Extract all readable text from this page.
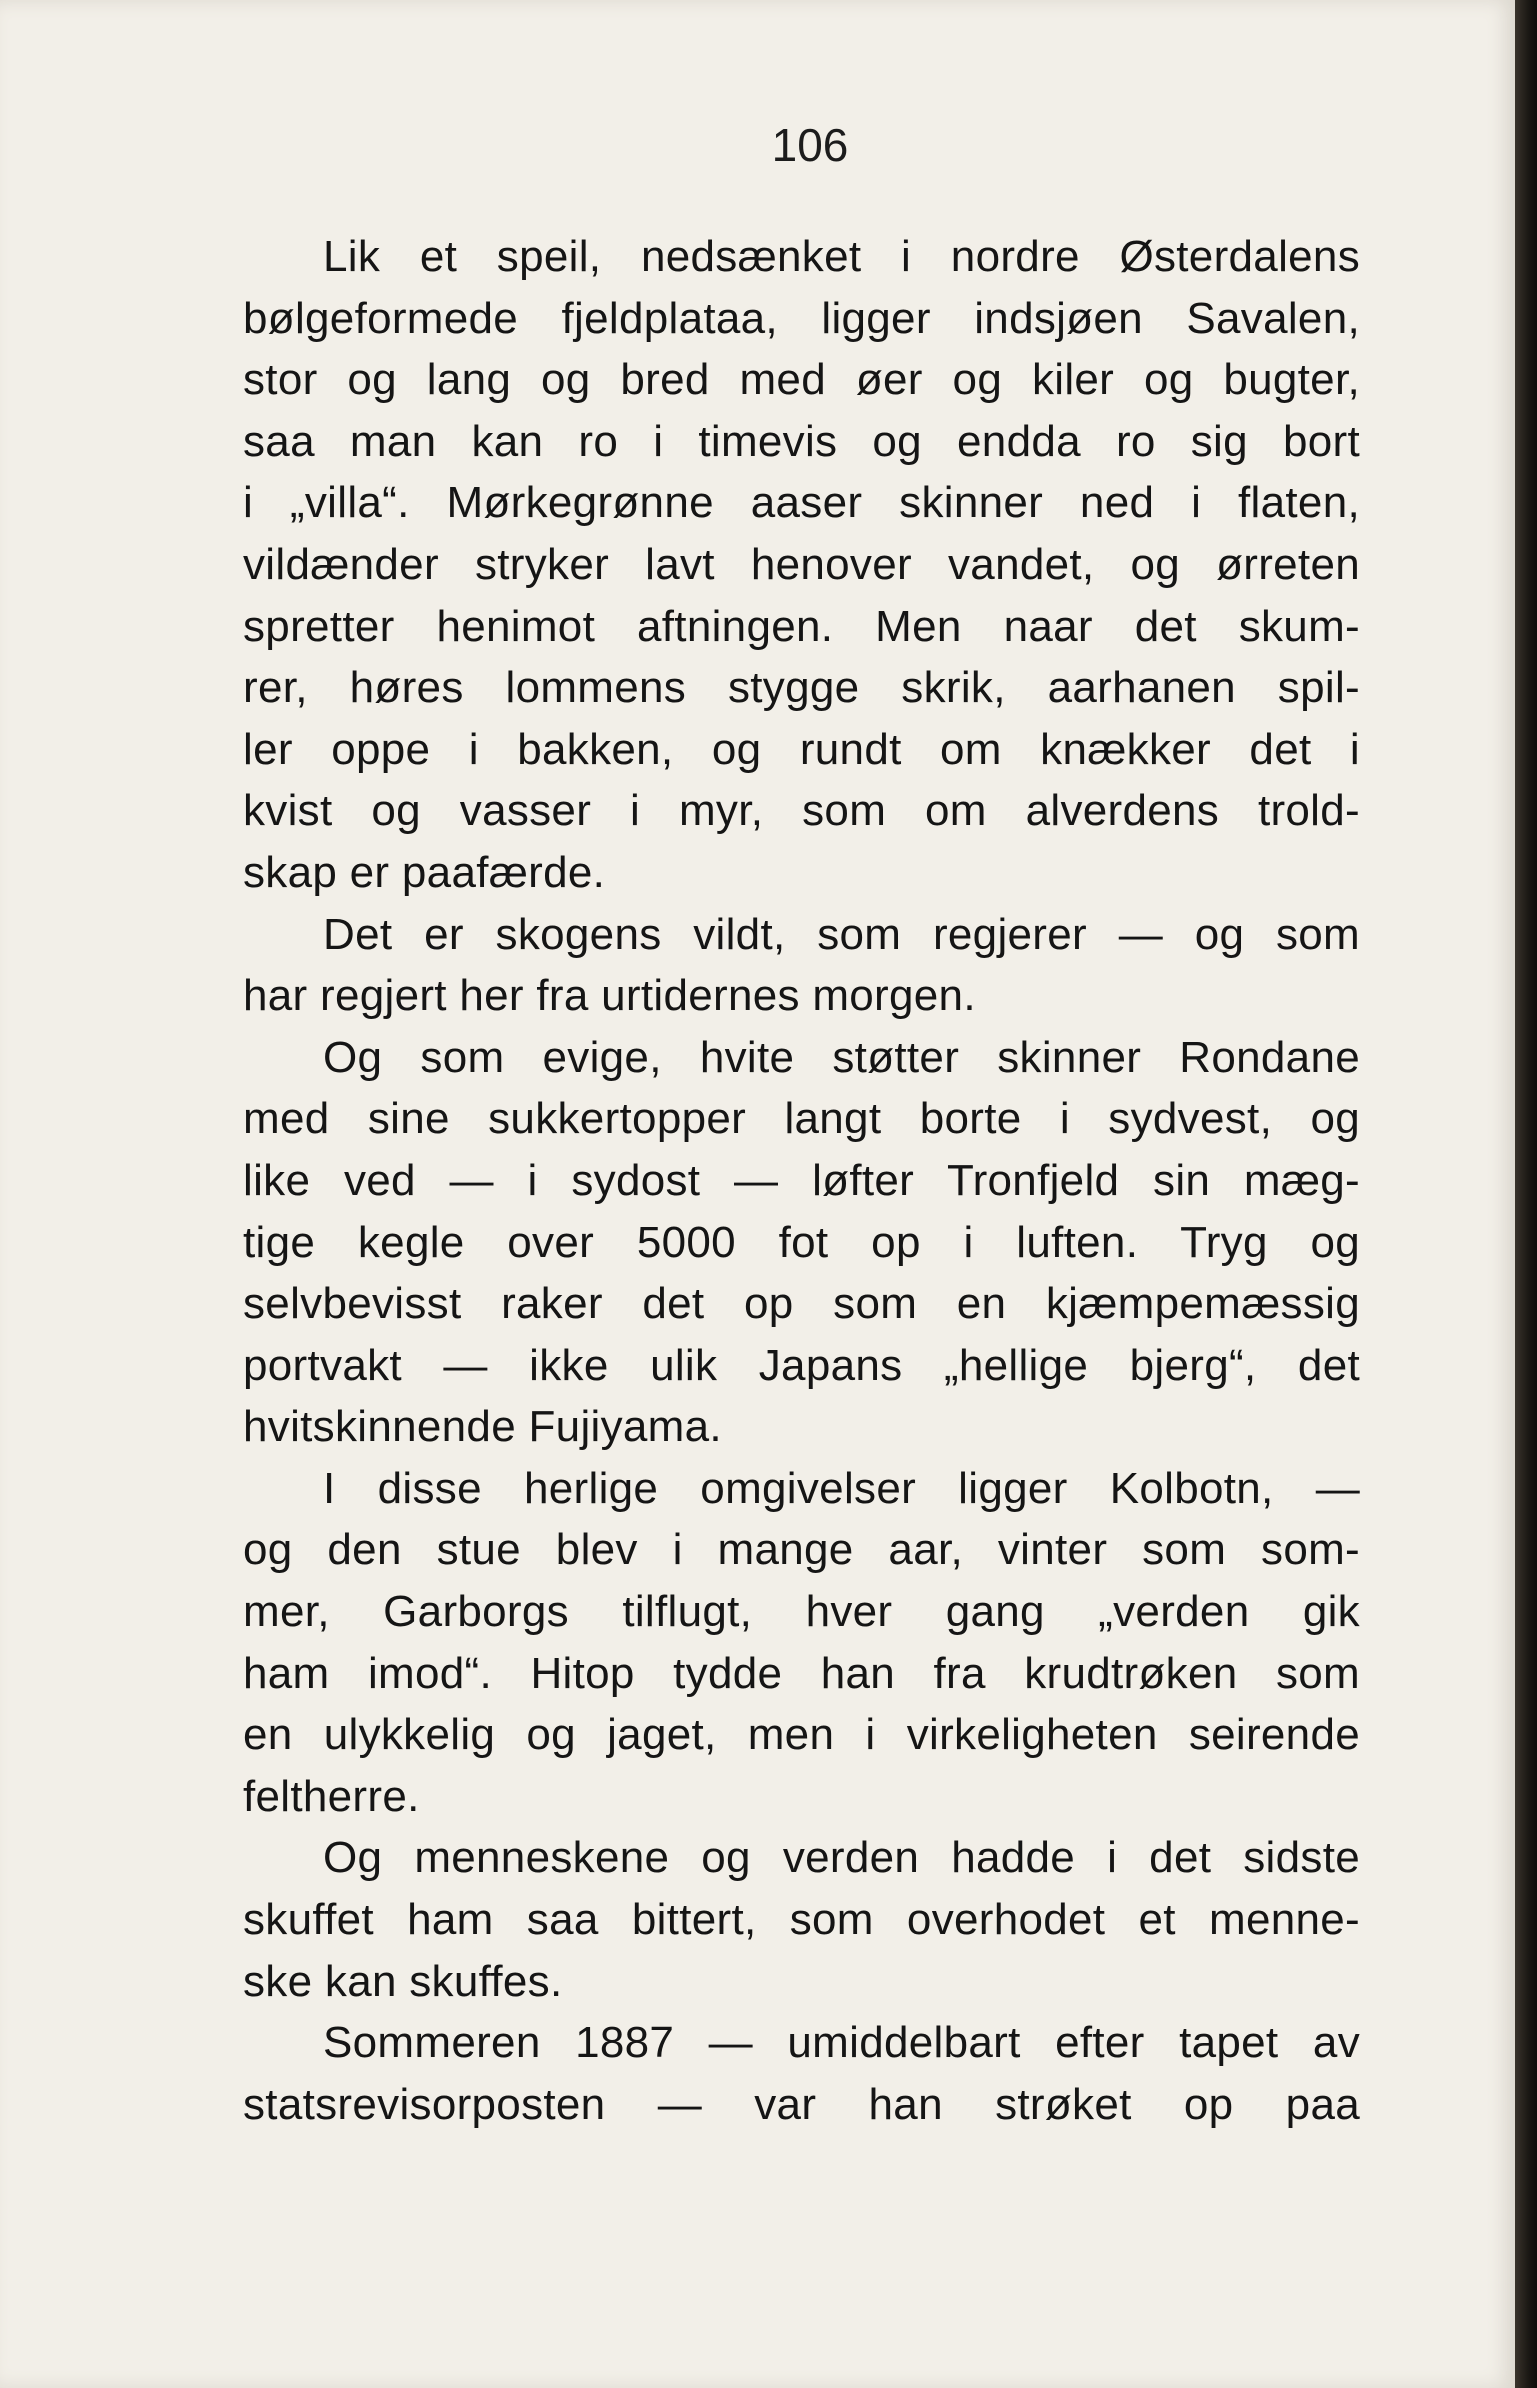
106
Lik et speil, nedsænket i nordre Østerdalens
bølgeformede fjeldplataa, ligger indsjøen Savalen,
stor og lang og bred med øer og kiler og bugter,
saa man kan ro i timevis og endda ro sig bort
i „villa“. Mørkegrønne aaser skinner ned i flaten,
vildænder stryker lavt henover vandet, og ørreten
spretter henimot aftningen. Men naar det skum-
rer, høres lommens stygge skrik, aarhanen spil-
ler oppe i bakken, og rundt om knækker det i
kvist og vasser i myr, som om alverdens trold-
skap er paafærde.
Det er skogens vildt, som regjerer — og som
har regjert her fra urtidernes morgen.
Og som evige, hvite støtter skinner Rondane
med sine sukkertopper langt borte i sydvest, og
like ved — i sydost — løfter Tronfjeld sin mæg-
tige kegle over 5000 fot op i luften. Tryg og
selvbevisst raker det op som en kjæmpemæssig
portvakt — ikke ulik Japans „hellige bjerg“, det
hvitskinnende Fujiyama.
I disse herlige omgivelser ligger Kolbotn, —
og den stue blev i mange aar, vinter som som-
mer, Garborgs tilflugt, hver gang „verden gik
ham imod“. Hitop tydde han fra krudtrøken som
en ulykkelig og jaget, men i virkeligheten seirende
feltherre.
Og menneskene og verden hadde i det sidste
skuffet ham saa bittert, som overhodet et menne-
ske kan skuffes.
Sommeren 1887 — umiddelbart efter tapet av
statsrevisorposten — var han strøket op paa
